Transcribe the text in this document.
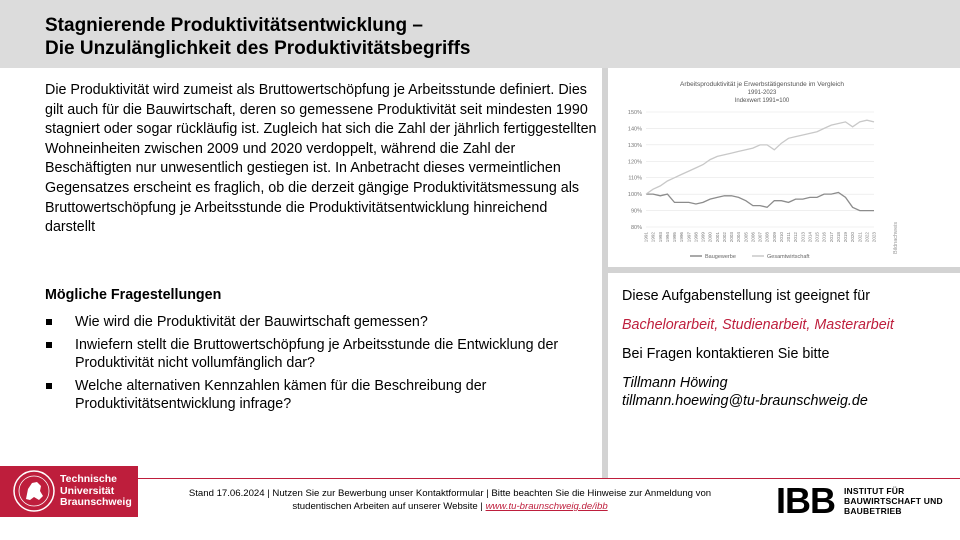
Stagnierende Produktivitätsentwicklung –
Die Unzulänglichkeit des Produktivitätsbegriffs
Die Produktivität wird zumeist als Bruttowertschöpfung je Arbeitsstunde definiert. Dies gilt auch für die Bauwirtschaft, deren so gemessene Produktivität seit mindesten 1990 stagniert oder sogar rückläufig ist. Zugleich hat sich die Zahl der jährlich fertiggestellten Wohneinheiten zwischen 2009 und 2020 verdoppelt, während die Zahl der Beschäftigten nur unwesentlich gestiegen ist. In Anbetracht dieses vermeintlichen Gegensatzes erscheint es fraglich, ob die derzeit gängige Produktivitätsmessung als Bruttowertschöpfung je Arbeitsstunde die Produktivitätsentwicklung hinreichend darstellt
Mögliche Fragestellungen
Wie wird die Produktivität der Bauwirtschaft gemessen?
Inwiefern stellt die Bruttowertschöpfung je Arbeitsstunde die Entwicklung der Produktivität nicht vollumfänglich dar?
Welche alternativen Kennzahlen kämen für die Beschreibung der Produktivitätsentwicklung infrage?
Arbeitsproduktivität je Erwerbstätigenstunde im Vergleich
1991-2023
Indexwert 1991=100
80%
90%
100%
110%
120%
130%
140%
150%
1991 1992 1993 1994 1995 1996 1997 1998 1999 2000 2001 2002 2003 2004 2005 2006 2007 2008 2009 2010 2011 2012 2013 2014 2015 2016 2017 2018 2019 2020 2021 2022 2023
Baugewerbe	Gesamtwirtschaft
Bildnachweis

Diese Aufgabenstellung ist geeignet für

Bachelorarbeit, Studienarbeit, Masterarbeit

Bei Fragen kontaktieren Sie bitte

Tillmann Höwing

tillmann.hoewing@tu-braunschweig.de

Technische
Universität
Braunschweig
Stand 17.06.2024 | Nutzen Sie zur Bewerbung unser Kontaktformular | Bitte beachten Sie die Hinweise zur Anmeldung von
studentischen Arbeiten auf unserer Website | www.tu-braunschweig.de/ibb	IBB INSTITUT FÜR
BAUWIRTSCHAFT UND
BAUBETRIEB
